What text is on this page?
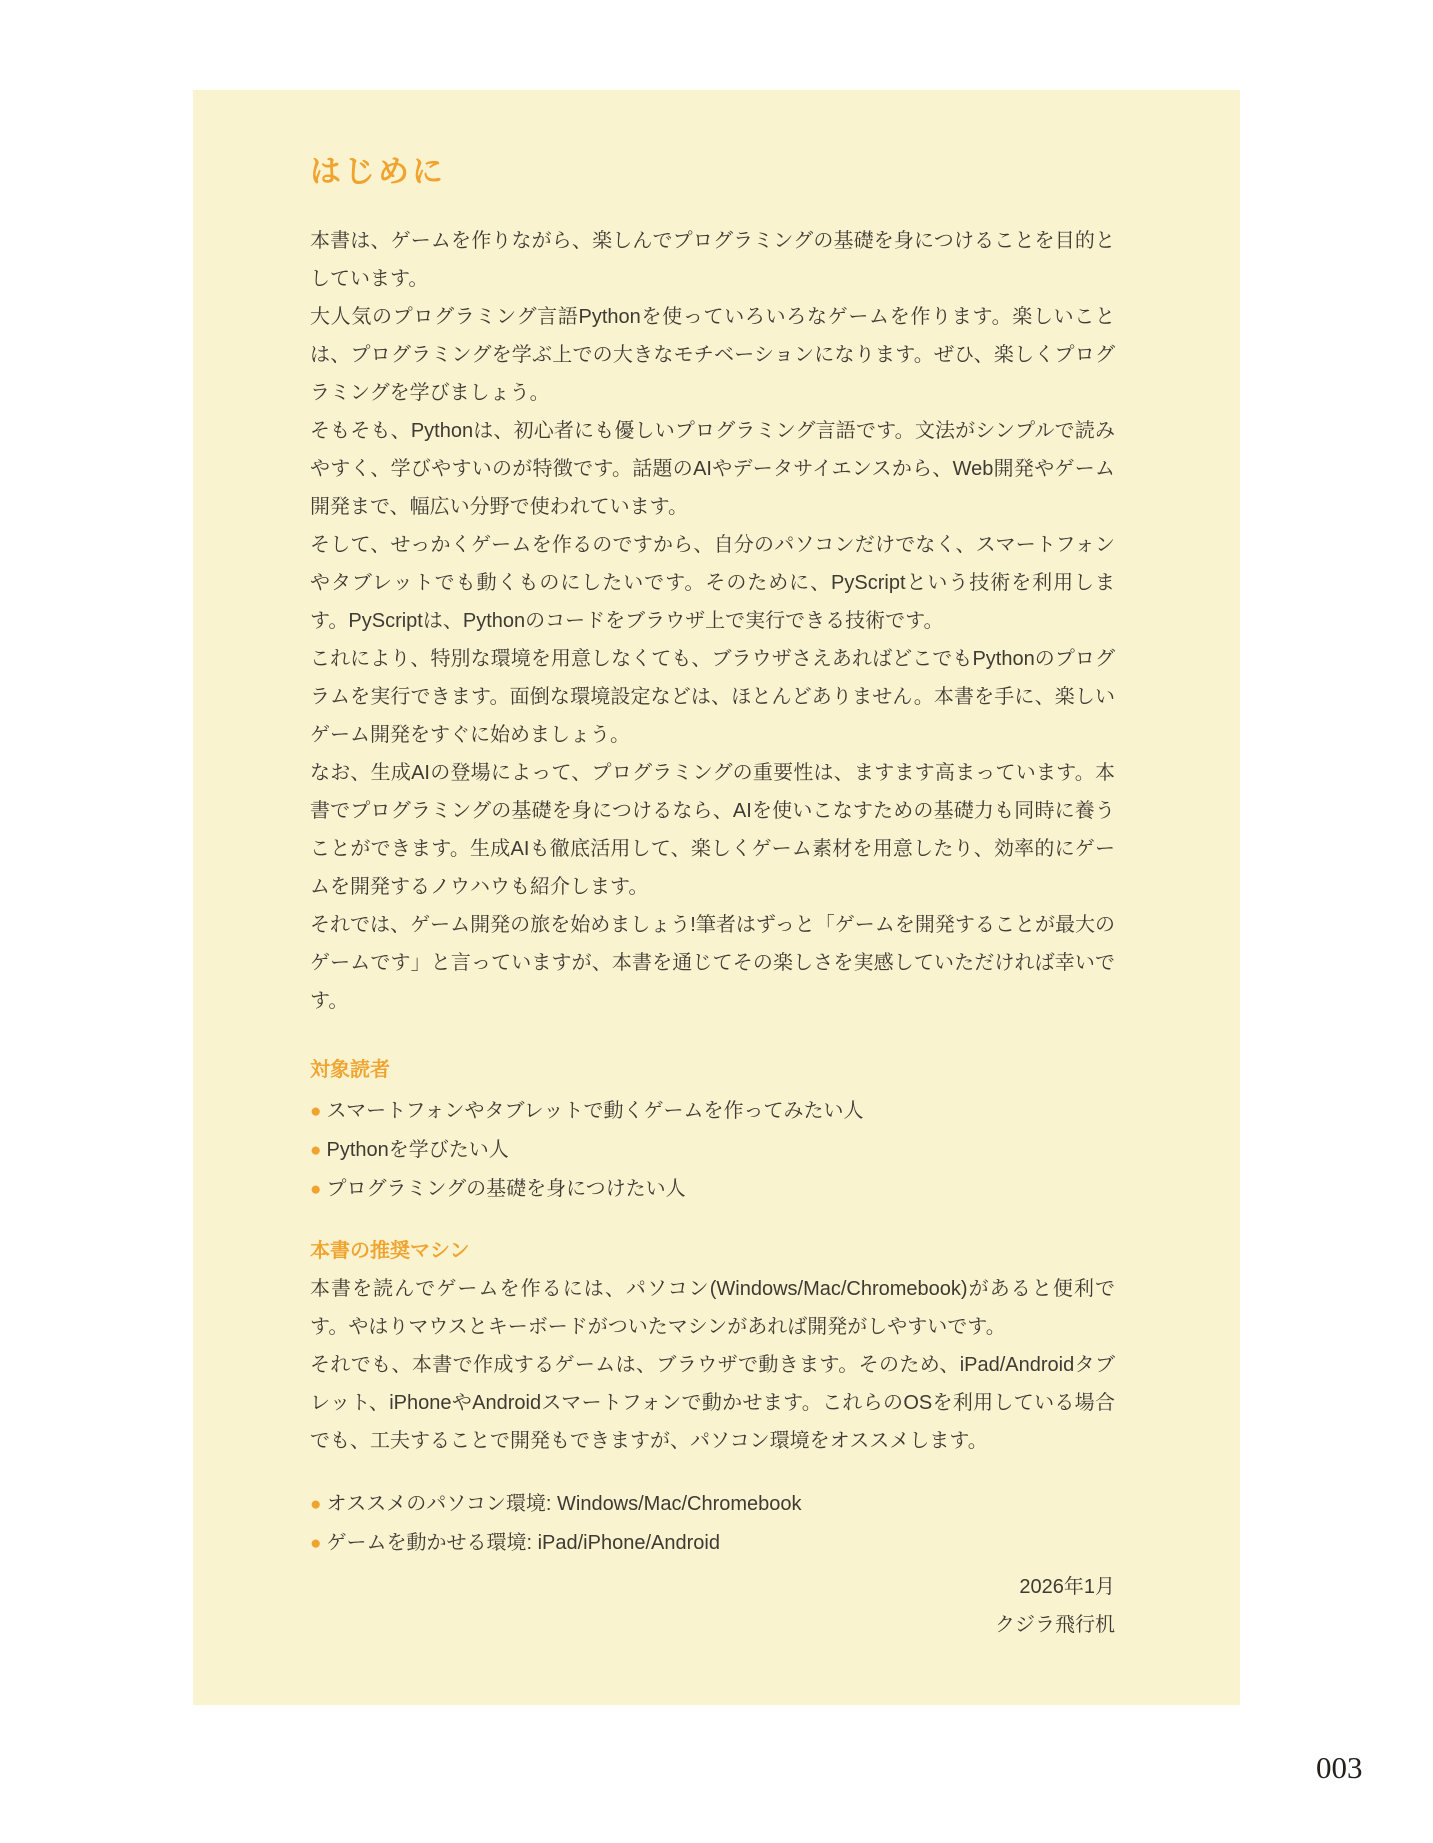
はじめに

本書は、ゲームを作りながら、楽しんでプログラミングの基礎を身につけることを目的としています。

大人気のプログラミング言語Pythonを使っていろいろなゲームを作ります。楽しいことは、プログラミングを学ぶ上での大きなモチベーションになります。ぜひ、楽しくプログラミングを学びましょう。

そもそも、Pythonは、初心者にも優しいプログラミング言語です。文法がシンプルで読みやすく、学びやすいのが特徴です。話題のAIやデータサイエンスから、Web開発やゲーム開発まで、幅広い分野で使われています。

そして、せっかくゲームを作るのですから、自分のパソコンだけでなく、スマートフォンやタブレットでも動くものにしたいです。そのために、PyScriptという技術を利用します。PyScriptは、Pythonのコードをブラウザ上で実行できる技術です。

これにより、特別な環境を用意しなくても、ブラウザさえあればどこでもPythonのプログラムを実行できます。面倒な環境設定などは、ほとんどありません。本書を手に、楽しいゲーム開発をすぐに始めましょう。

なお、生成AIの登場によって、プログラミングの重要性は、ますます高まっています。本書でプログラミングの基礎を身につけるなら、AIを使いこなすための基礎力も同時に養うことができます。生成AIも徹底活用して、楽しくゲーム素材を用意したり、効率的にゲームを開発するノウハウも紹介します。

それでは、ゲーム開発の旅を始めましょう!筆者はずっと「ゲームを開発することが最大のゲームです」と言っていますが、本書を通じてその楽しさを実感していただければ幸いです。

対象読者
● スマートフォンやタブレットで動くゲームを作ってみたい人
● Pythonを学びたい人
● プログラミングの基礎を身につけたい人
本書の推奨マシン

本書を読んでゲームを作るには、パソコン(Windows/Mac/Chromebook)があると便利です。やはりマウスとキーボードがついたマシンがあれば開発がしやすいです。

それでも、本書で作成するゲームは、ブラウザで動きます。そのため、iPad/Androidタブレット、iPhoneやAndroidスマートフォンで動かせます。これらのOSを利用している場合でも、工夫することで開発もできますが、パソコン環境をオススメします。

● オススメのパソコン環境: Windows/Mac/Chromebook
● ゲームを動かせる環境: iPad/iPhone/Android
2026年1月
クジラ飛行机
003
